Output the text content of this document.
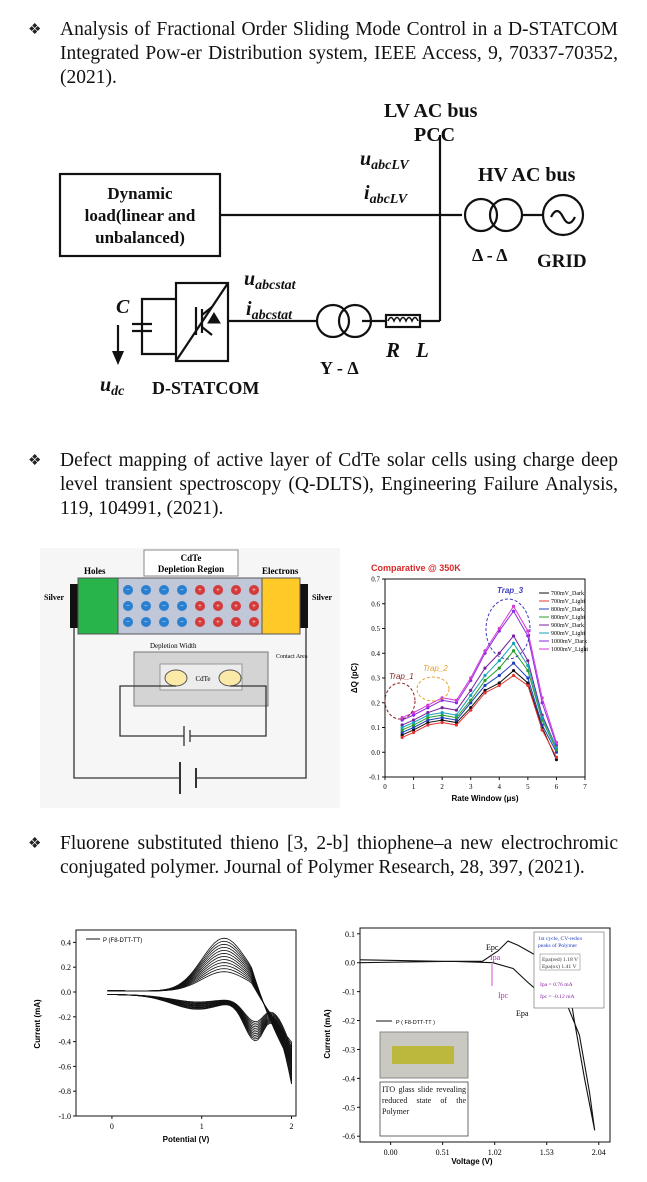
❖ Analysis of Fractional Order Sliding Mode Control in a D-STATCOM Integrated Pow-er Distribution system, IEEE Access, 9, 70337-70352, (2021).
LV AC bus
PCC
HV AC bus
Dynamic
load(linear and
unbalanced)
Δ - Δ GRID
Y - Δ
R L
D-STATCOM
C
$u_{abcLV}$
$i_{abcLV}$
$u_{abcstat}$
$i_{abcstat}$
$u_{dc}$
❖ Defect mapping of active layer of CdTe solar cells using charge deep level transient spectroscopy (Q-DLTS), Engineering Failure Analysis, 119, 104991, (2021).
− − − − + + + +
− − − − + + + +
− − − − + + + +
Holes
CdTe
Depletion Region	Electrons
Silver	Silver
Depletion Width
Contact Area
CdTe
Comparative @ 350K
0	1	2	3	4	5	6	7
-0.1
0.0
0.1
0.2
0.3
0.4
0.5
0.6
0.7
700mV_Dark
700mV_Light
800mV_Dark
800mV_Light
900mV_Dark
900mV_Light
1000mV_Dark
1000mV_Light
Trap_1
Trap_2
Trap_3
Rate Window (μs)
ΔQ (pC)
❖ Fluorene substituted thieno [3, 2-b] thiophene–a new electrochromic conjugated polymer. Journal of Polymer Research, 28, 397, (2021).
0	1	2
0.4
0.2
0.0
-0.2
-0.4
-0.6
-0.8
-1.0
P (F8-DTT-TT)
Potential (V)
Current (mA)
0.00	0.51	1.02	1.53	2.04
0.1
0.0
-0.1
-0.2
-0.3
-0.4
-0.5
-0.6
1st cycle, CV-redox
peaks of Polymer
Epa(red) 1.18 V
Epa(ox) 1.41 V
Ipa = 0.76 mA
Ipc = -0.12 mA
Epc
Ipa
Ipc
Epa
P ( F8-DTT-TT )
ITO glass slide revealing reduced state of the Polymer
Voltage (V)
Current (mA)
